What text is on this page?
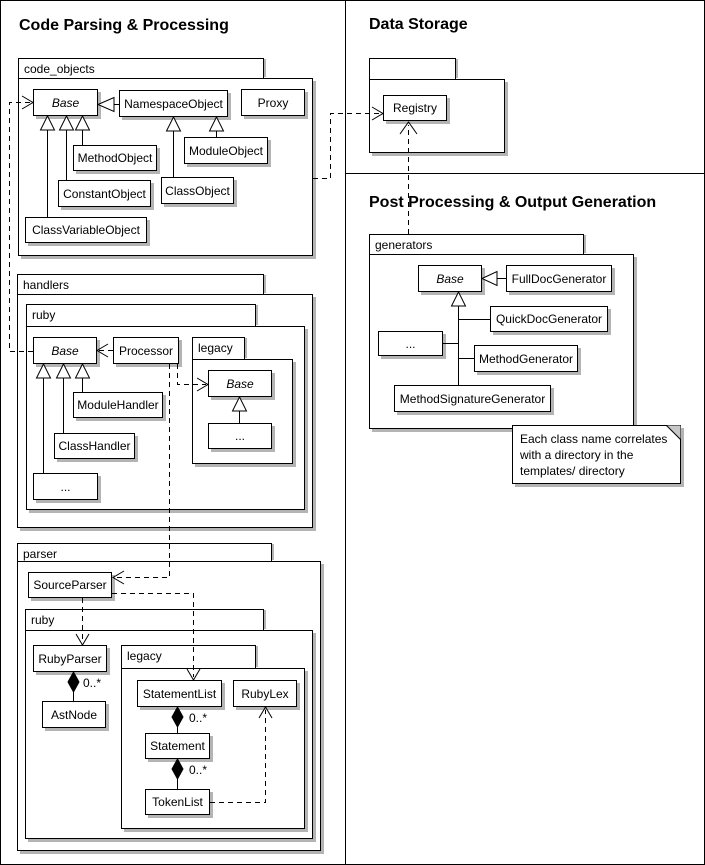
Code Parsing & Processing	Data Storage
Post Processing & Output Generation
code_objects
handlers
ruby
legacy
parser
ruby
legacy
generators
Base	NamespaceObject	Proxy
MethodObject
ModuleObject
ConstantObject	ClassObject
ClassVariableObject
Base	Processor
ModuleHandler
ClassHandler
...
Base
...
SourceParser
RubyParser
AstNode
StatementList	RubyLex
Statement
TokenList
Registry
Base	FullDocGenerator
QuickDocGenerator
...
MethodGenerator
MethodSignatureGenerator
0..*
0..*
0..*
Each class name correlates with a directory in the templates/ directory
